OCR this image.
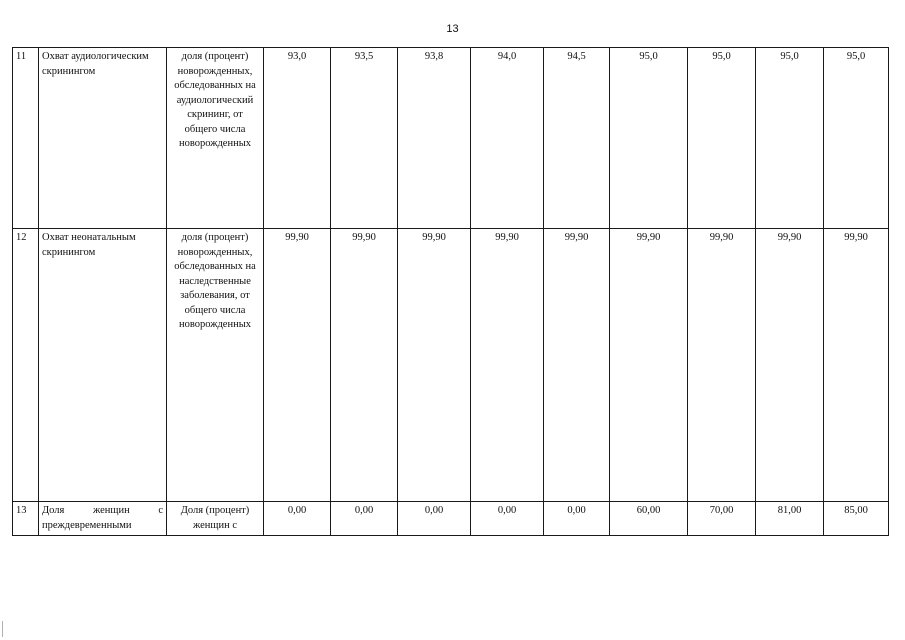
13
11	Охват аудиологическим скринингом	доля (процент) новорожденных, обследованных на аудиологический скрининг, от общего числа новорожденных	93,0	93,5	93,8	94,0	94,5	95,0	95,0	95,0	95,0
12	Охват неонатальным скринингом	доля (процент) новорожденных, обследованных на наследственные заболевания, от общего числа новорожденных	99,90	99,90	99,90	99,90	99,90	99,90	99,90	99,90	99,90
13	Доля женщин с преждевременными	Доля (процент) женщин с	0,00	0,00	0,00	0,00	0,00	60,00	70,00	81,00	85,00
